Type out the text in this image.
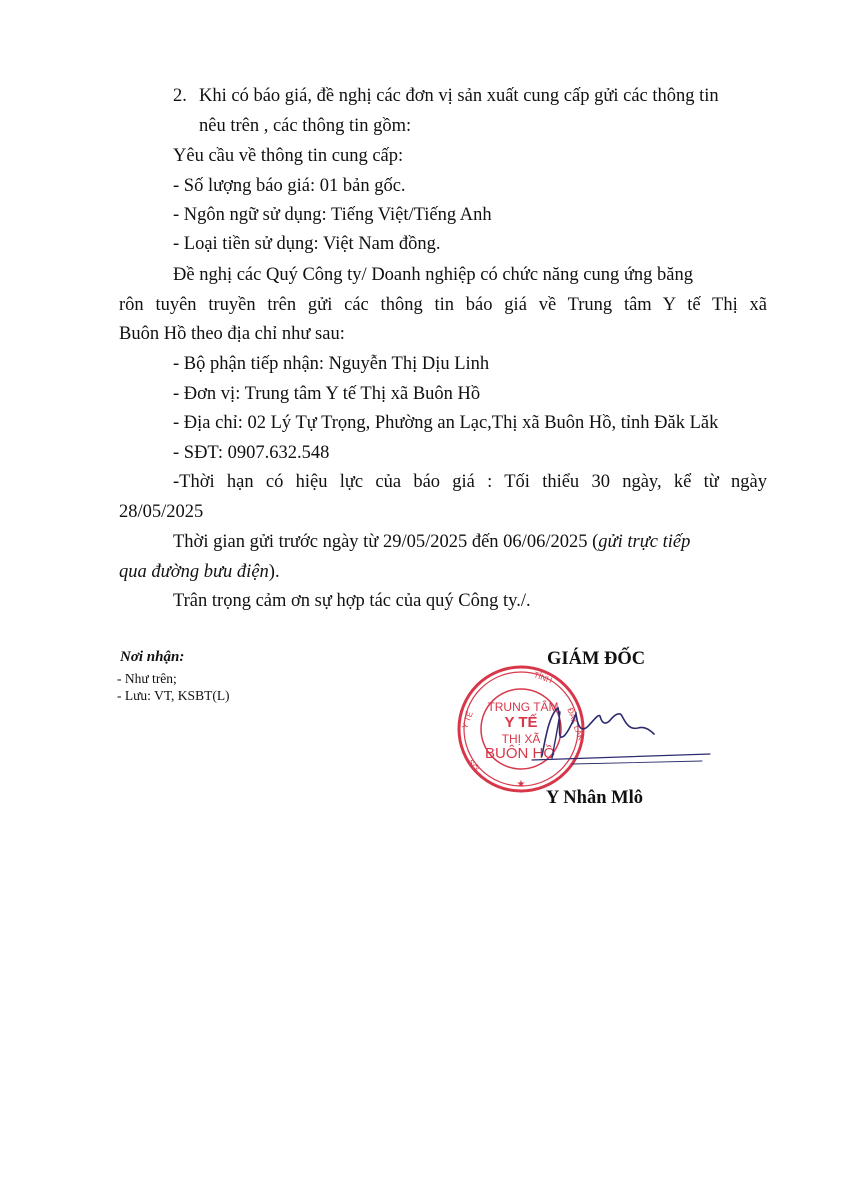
2. Khi có báo giá, đề nghị các đơn vị sản xuất cung cấp gửi các thông tin
nêu trên , các thông tin gồm:
Yêu cầu về thông tin cung cấp:
- Số lượng báo giá: 01 bản gốc.
- Ngôn ngữ sử dụng: Tiếng Việt/Tiếng Anh
- Loại tiền sử dụng: Việt Nam đồng.
Đề nghị các Quý Công ty/ Doanh nghiệp có chức năng cung ứng băng
rôn tuyên truyền trên gửi các thông tin báo giá về Trung tâm Y tế Thị xã
Buôn Hồ theo địa chỉ như sau:
- Bộ phận tiếp nhận: Nguyễn Thị Dịu Linh
- Đơn vị: Trung tâm Y tế Thị xã Buôn Hồ
- Địa chỉ: 02 Lý Tự Trọng, Phường an Lạc,Thị xã Buôn Hồ, tỉnh Đăk Lăk
- SĐT: 0907.632.548
-Thời hạn có hiệu lực của báo giá : Tối thiểu 30 ngày, kể từ ngày
28/05/2025
Thời gian gửi trước ngày từ 29/05/2025 đến 06/06/2025 (gửi trực tiếp
qua đường bưu điện).
Trân trọng cảm ơn sự hợp tác của quý Công ty./.
Nơi nhận:
- Như trên;
- Lưu: VT, KSBT(L)
GIÁM ĐỐC
TRUNG TÂM
Y TẾ
THỊ XÃ
BUÔN HỒ
Y TẾ
TỈNH
ĐẮK LẮK
SỞ
★
Y Nhân Mlô
